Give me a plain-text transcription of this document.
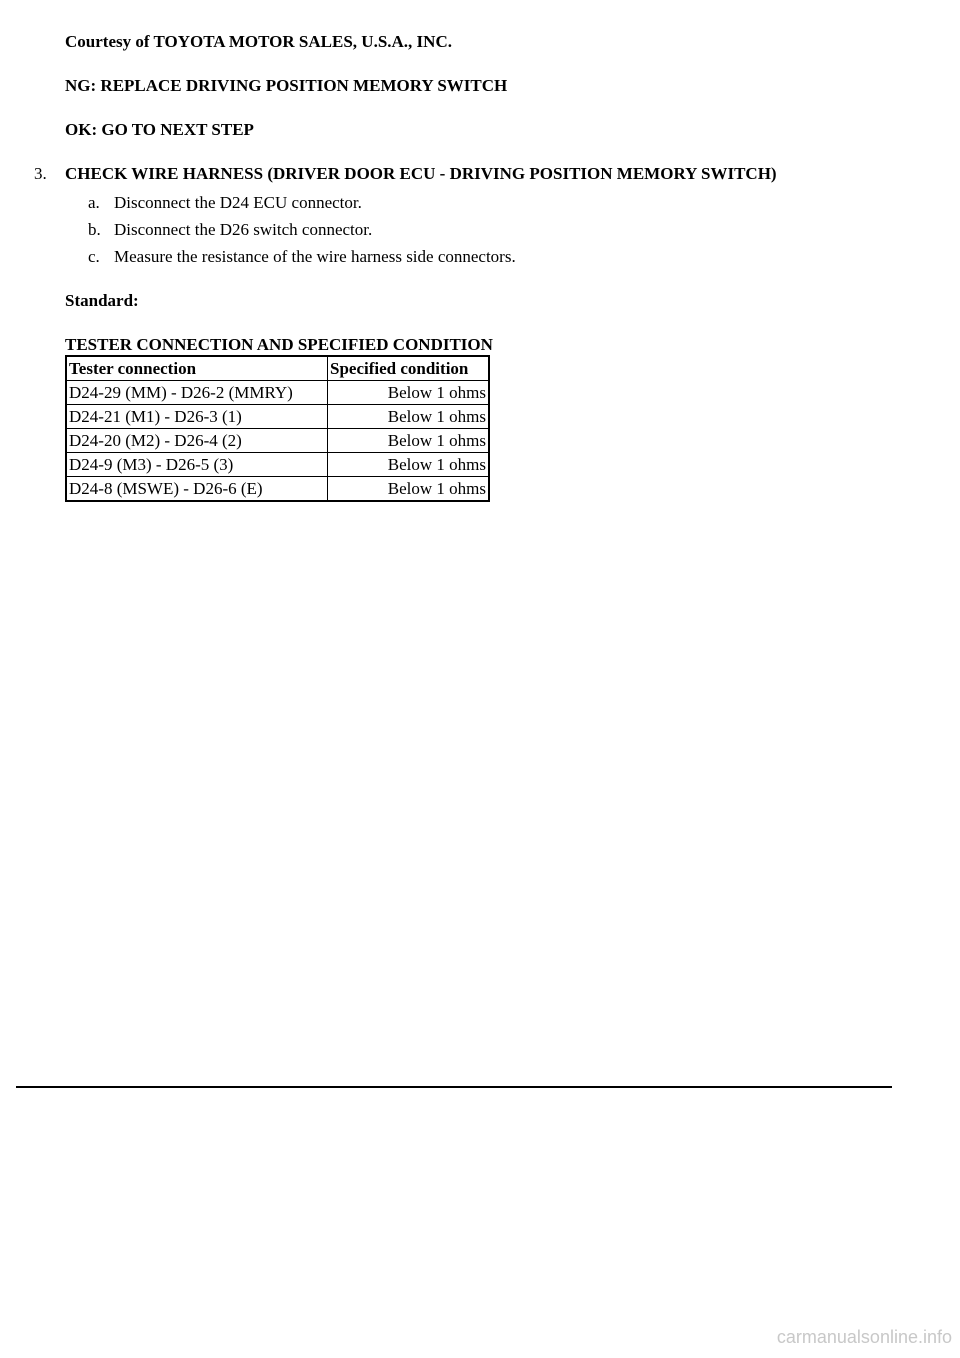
Courtesy of TOYOTA MOTOR SALES, U.S.A., INC.
NG: REPLACE DRIVING POSITION MEMORY SWITCH
OK: GO TO NEXT STEP
3. CHECK WIRE HARNESS (DRIVER DOOR ECU - DRIVING POSITION MEMORY SWITCH)
a. Disconnect the D24 ECU connector.
b. Disconnect the D26 switch connector.
c. Measure the resistance of the wire harness side connectors.
Standard:
TESTER CONNECTION AND SPECIFIED CONDITION
Tester connection	Specified condition
D24-29 (MM) - D26-2 (MMRY)	Below 1 ohms
D24-21 (M1) - D26-3 (1)	Below 1 ohms
D24-20 (M2) - D26-4 (2)	Below 1 ohms
D24-9 (M3) - D26-5 (3)	Below 1 ohms
D24-8 (MSWE) - D26-6 (E)	Below 1 ohms
carmanualsonline.info
